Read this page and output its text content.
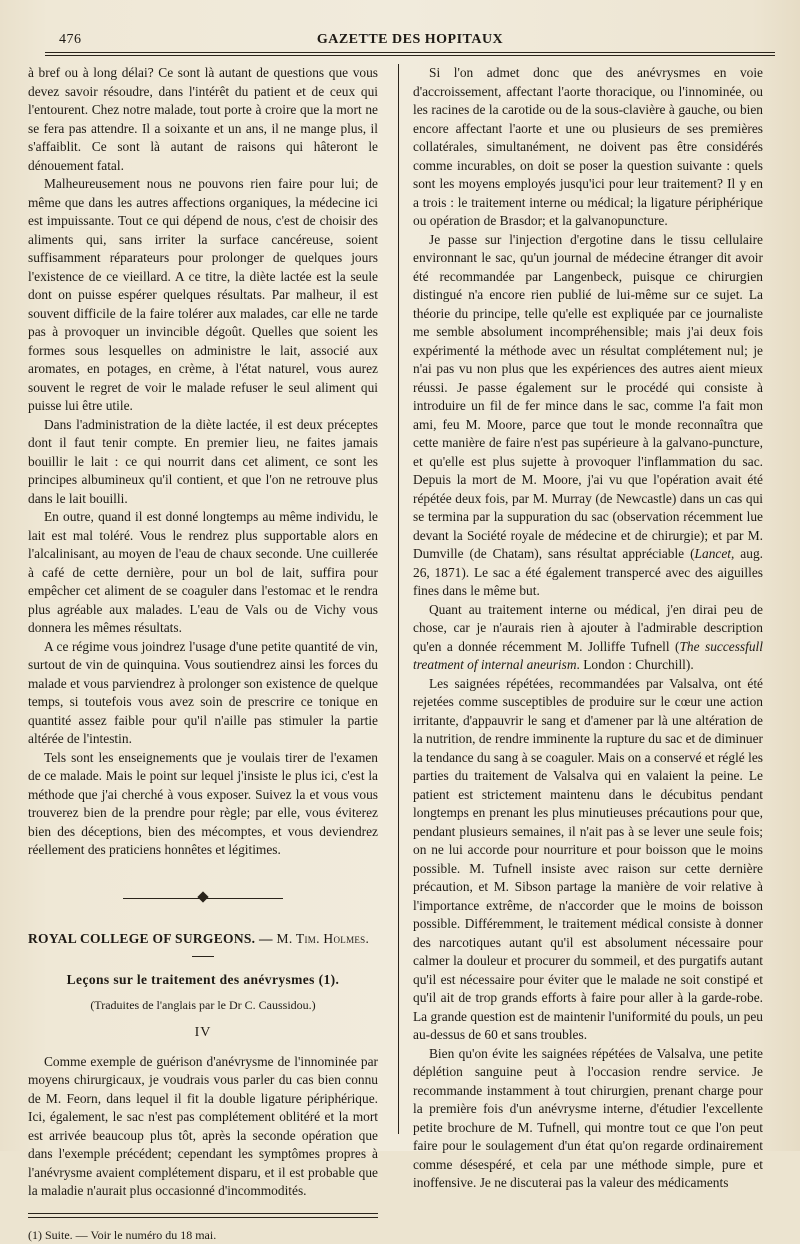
476	GAZETTE DES HOPITAUX

à bref ou à long délai? Ce sont là autant de questions que vous devez savoir résoudre, dans l'intérêt du patient et de ceux qui l'entourent. Chez notre malade, tout porte à croire que la mort ne se fera pas attendre. Il a soixante et un ans, il ne mange plus, il s'affaiblit. Ce sont là autant de raisons qui hâteront le dénouement fatal.

Malheureusement nous ne pouvons rien faire pour lui; de même que dans les autres affections organiques, la médecine ici est impuissante. Tout ce qui dépend de nous, c'est de choisir des aliments qui, sans irriter la surface cancéreuse, soient suffisamment réparateurs pour prolonger de quelques jours l'existence de ce vieillard. A ce titre, la diète lactée est la seule dont on puisse espérer quelques résultats. Par malheur, il est souvent difficile de la faire tolérer aux malades, car elle ne tarde pas à provoquer un invincible dégoût. Quelles que soient les formes sous lesquelles on administre le lait, associé aux aromates, en potages, en crème, à l'état naturel, vous aurez souvent le regret de voir le malade refuser le seul aliment qui puisse lui être utile.

Dans l'administration de la diète lactée, il est deux préceptes dont il faut tenir compte. En premier lieu, ne faites jamais bouillir le lait : ce qui nourrit dans cet aliment, ce sont les principes albumineux qu'il contient, et que l'on ne retrouve plus dans le lait bouilli.

En outre, quand il est donné longtemps au même individu, le lait est mal toléré. Vous le rendrez plus supportable alors en l'alcalinisant, au moyen de l'eau de chaux seconde. Une cuillerée à café de cette dernière, pour un bol de lait, suffira pour empêcher cet aliment de se coaguler dans l'estomac et le rendra plus agréable aux malades. L'eau de Vals ou de Vichy vous donnera les mêmes résultats.

A ce régime vous joindrez l'usage d'une petite quantité de vin, surtout de vin de quinquina. Vous soutiendrez ainsi les forces du malade et vous parviendrez à prolonger son existence de quelque temps, si toutefois vous avez soin de prescrire ce tonique en quantité assez faible pour qu'il n'aille pas stimuler la partie altérée de l'intestin.

Tels sont les enseignements que je voulais tirer de l'examen de ce malade. Mais le point sur lequel j'insiste le plus ici, c'est la méthode que j'ai cherché à vous exposer. Suivez la et vous vous trouverez bien de la prendre pour règle; par elle, vous éviterez bien des déceptions, bien des mécomptes, et vous deviendrez réellement des praticiens honnêtes et légitimes.

ROYAL COLLEGE OF SURGEONS. — M. Tim. Holmes.
Leçons sur le traitement des anévrysmes (1).
(Traduites de l'anglais par le Dr C. Caussidou.)
IV

Comme exemple de guérison d'anévrysme de l'innominée par moyens chirurgicaux, je voudrais vous parler du cas bien connu de M. Feorn, dans lequel il fit la double ligature périphérique. Ici, également, le sac n'est pas complétement oblitéré et la mort est arrivée beaucoup plus tôt, après la seconde opération que dans l'exemple précédent; cependant les symptômes propres à l'anévrysme avaient complétement disparu, et il est probable que la maladie n'aurait plus occasionné d'incommodités.

(1) Suite. — Voir le numéro du 18 mai.

Si l'on admet donc que des anévrysmes en voie d'accroissement, affectant l'aorte thoracique, ou l'innominée, ou les racines de la carotide ou de la sous-clavière à gauche, ou bien encore affectant l'aorte et une ou plusieurs de ses premières collatérales, simultanément, ne doivent pas être considérés comme incurables, on doit se poser la question suivante : quels sont les moyens employés jusqu'ici pour leur traitement? Il y en a trois : le traitement interne ou médical; la ligature périphérique ou opération de Brasdor; et la galvanopuncture.

Je passe sur l'injection d'ergotine dans le tissu cellulaire environnant le sac, qu'un journal de médecine étranger dit avoir été recommandée par Langenbeck, puisque ce chirurgien distingué n'a encore rien publié de lui-même sur ce sujet. La théorie du principe, telle qu'elle est expliquée par ce journaliste me semble absolument incompréhensible; mais j'ai deux fois expérimenté la méthode avec un résultat complétement nul; je n'ai pas vu non plus que les expériences des autres aient mieux réussi. Je passe également sur le procédé qui consiste à introduire un fil de fer mince dans le sac, comme l'a fait mon ami, feu M. Moore, parce que tout le monde reconnaîtra que cette manière de faire n'est pas supérieure à la galvano-puncture, et qu'elle est plus sujette à provoquer l'inflammation du sac. Depuis la mort de M. Moore, j'ai vu que l'opération avait été répétée deux fois, par M. Murray (de Newcastle) dans un cas qui se termina par la suppuration du sac (observation récemment lue devant la Société royale de médecine et de chirurgie); et par M. Dumville (de Chatam), sans résultat appréciable (Lancet, aug. 26, 1871). Le sac a été également transpercé avec des aiguilles fines dans le même but.

Quant au traitement interne ou médical, j'en dirai peu de chose, car je n'aurais rien à ajouter à l'admirable description qu'en a donnée récemment M. Jolliffe Tufnell (The successfull treatment of internal aneurism. London : Churchill).

Les saignées répétées, recommandées par Valsalva, ont été rejetées comme susceptibles de produire sur le cœur une action irritante, d'appauvrir le sang et d'amener par là une altération de la nutrition, de rendre imminente la rupture du sac et de diminuer la tendance du sang à se coaguler. Mais on a conservé et réglé les parties du traitement de Valsalva qui en valaient la peine. Le patient est strictement maintenu dans le décubitus pendant longtemps en prenant les plus minutieuses précautions pour que, pendant plusieurs semaines, il n'ait pas à se lever une seule fois; on ne lui accorde pour nourriture et pour boisson que le moins possible. M. Tufnell insiste avec raison sur cette dernière précaution, et M. Sibson partage la manière de voir relative à l'importance extrême, de n'accorder que le moins de boisson possible. Différemment, le traitement médical consiste à donner des narcotiques autant qu'il est absolument nécessaire pour calmer la douleur et procurer du sommeil, et des purgatifs autant qu'il est nécessaire pour éviter que le malade ne soit constipé et qu'il ait de trop grands efforts à faire pour aller à la garde-robe. La grande question est de maintenir l'uniformité du pouls, un peu au-dessus de 60 et sans troubles.

Bien qu'on évite les saignées répétées de Valsalva, une petite déplétion sanguine peut à l'occasion rendre service. Je recommande instamment à tout chirurgien, prenant charge pour la première fois d'un anévrysme interne, d'étudier l'excellente petite brochure de M. Tufnell, qui montre tout ce que l'on peut faire pour le soulagement d'un état qu'on regarde ordinairement comme désespéré, et cela par une méthode simple, pure et inoffensive. Je ne discuterai pas la valeur des médicaments
